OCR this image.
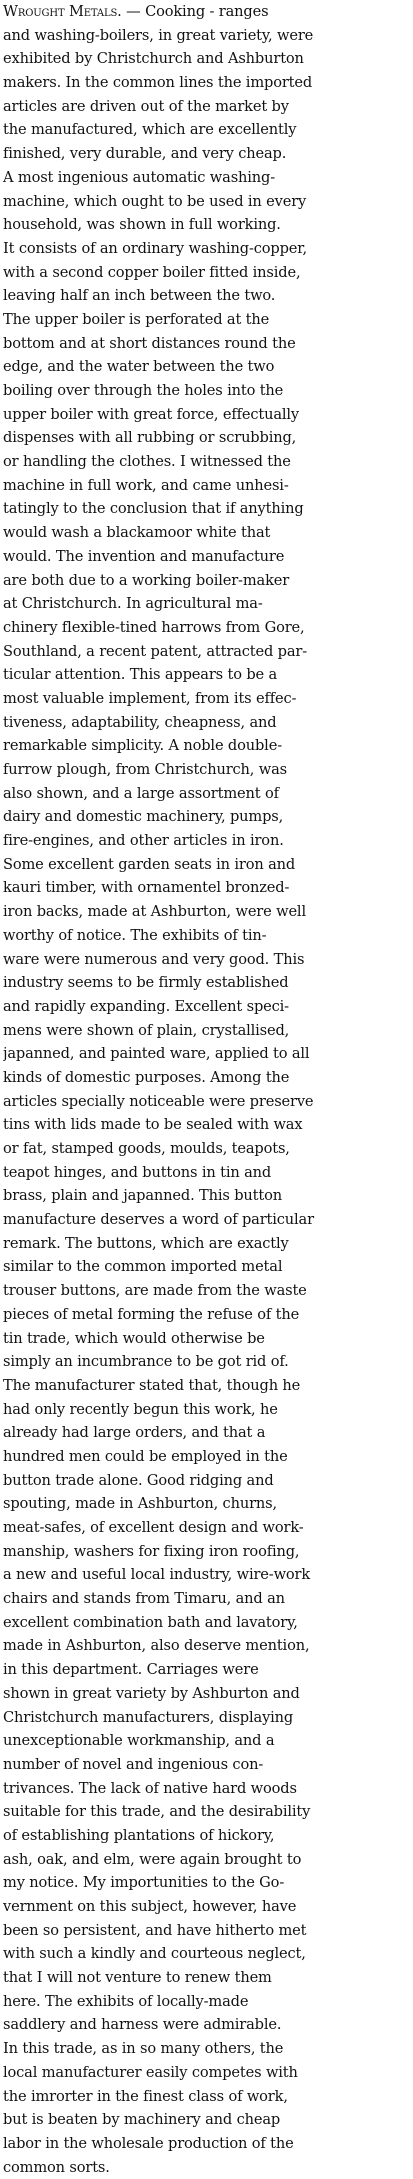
Wrought Metals. — Cooking - ranges
and washing-boilers, in great variety, were
exhibited by Christchurch and Ashburton
makers. In the common lines the imported
articles are driven out of the market by
the manufactured, which are excellently
finished, very durable, and very cheap.
A most ingenious automatic washing-
machine, which ought to be used in every
household, was shown in full working.
It consists of an ordinary washing-copper,
with a second copper boiler fitted inside,
leaving half an inch between the two.
The upper boiler is perforated at the
bottom and at short distances round the
edge, and the water between the two
boiling over through the holes into the
upper boiler with great force, effectually
dispenses with all rubbing or scrubbing,
or handling the clothes. I witnessed the
machine in full work, and came unhesi-
tatingly to the conclusion that if anything
would wash a blackamoor white that
would. The invention and manufacture
are both due to a working boiler-maker
at Christchurch. In agricultural ma-
chinery flexible-tined harrows from Gore,
Southland, a recent patent, attracted par-
ticular attention. This appears to be a
most valuable implement, from its effec-
tiveness, adaptability, cheapness, and
remarkable simplicity. A noble double-
furrow plough, from Christchurch, was
also shown, and a large assortment of
dairy and domestic machinery, pumps,
fire-engines, and other articles in iron.
Some excellent garden seats in iron and
kauri timber, with ornamentel bronzed-
iron backs, made at Ashburton, were well
worthy of notice. The exhibits of tin-
ware were numerous and very good. This
industry seems to be firmly established
and rapidly expanding. Excellent speci-
mens were shown of plain, crystallised,
japanned, and painted ware, applied to all
kinds of domestic purposes. Among the
articles specially noticeable were preserve
tins with lids made to be sealed with wax
or fat, stamped goods, moulds, teapots,
teapot hinges, and buttons in tin and
brass, plain and japanned. This button
manufacture deserves a word of particular
remark. The buttons, which are exactly
similar to the common imported metal
trouser buttons, are made from the waste
pieces of metal forming the refuse of the
tin trade, which would otherwise be
simply an incumbrance to be got rid of.
The manufacturer stated that, though he
had only recently begun this work, he
already had large orders, and that a
hundred men could be employed in the
button trade alone. Good ridging and
spouting, made in Ashburton, churns,
meat-safes, of excellent design and work-
manship, washers for fixing iron roofing,
a new and useful local industry, wire-work
chairs and stands from Timaru, and an
excellent combination bath and lavatory,
made in Ashburton, also deserve mention,
in this department. Carriages were
shown in great variety by Ashburton and
Christchurch manufacturers, displaying
unexceptionable workmanship, and a
number of novel and ingenious con-
trivances. The lack of native hard woods
suitable for this trade, and the desirability
of establishing plantations of hickory,
ash, oak, and elm, were again brought to
my notice. My importunities to the Go-
vernment on this subject, however, have
been so persistent, and have hitherto met
with such a kindly and courteous neglect,
that I will not venture to renew them
here. The exhibits of locally-made
saddlery and harness were admirable.
In this trade, as in so many others, the
local manufacturer easily competes with
the imrorter in the finest class of work,
but is beaten by machinery and cheap
labor in the wholesale production of the
common sorts.
